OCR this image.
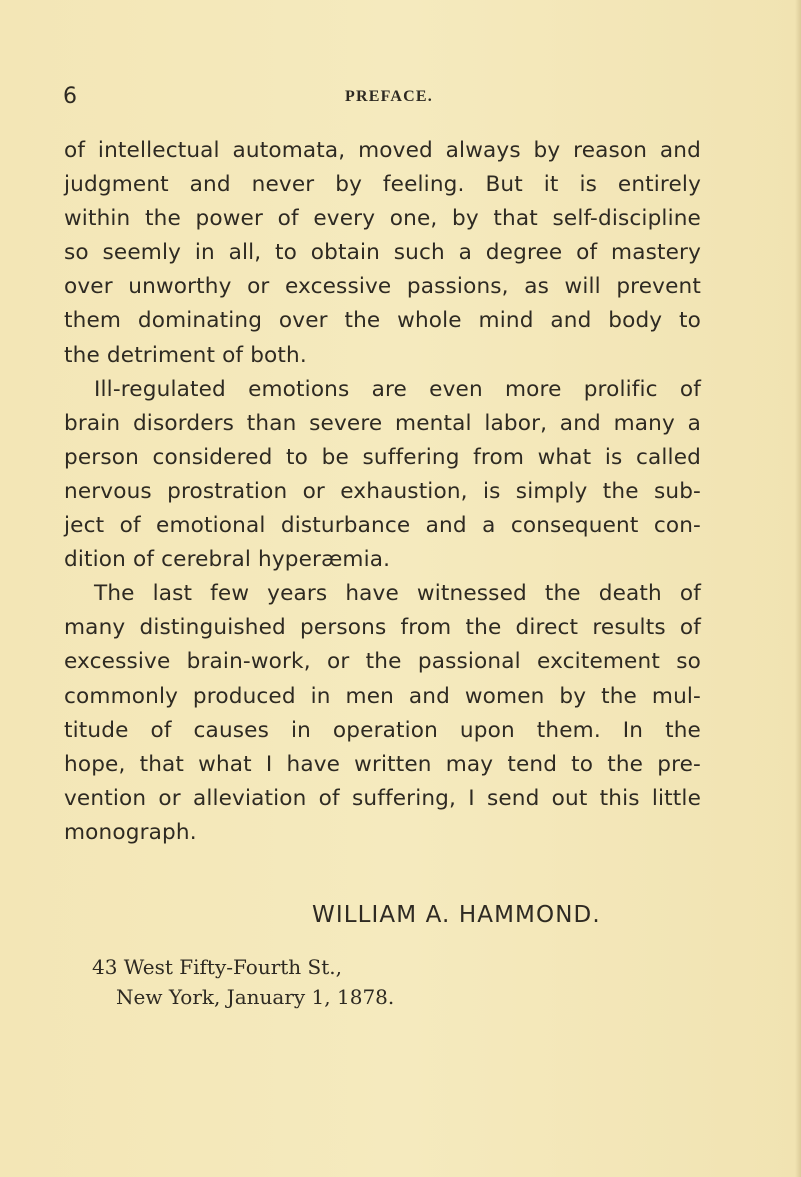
6	PREFACE.
of intellectual automata, moved always by reason and
judgment and never by feeling. But it is entirely
within the power of every one, by that self-discipline
so seemly in all, to obtain such a degree of mastery
over unworthy or excessive passions, as will prevent
them dominating over the whole mind and body to
the detriment of both.
Ill-regulated emotions are even more prolific of
brain disorders than severe mental labor, and many a
person considered to be suffering from what is called
nervous prostration or exhaustion, is simply the sub-
ject of emotional disturbance and a consequent con-
dition of cerebral hyperæmia.
The last few years have witnessed the death of
many distinguished persons from the direct results of
excessive brain-work, or the passional excitement so
commonly produced in men and women by the mul-
titude of causes in operation upon them. In the
hope, that what I have written may tend to the pre-
vention or alleviation of suffering, I send out this little
monograph.
WILLIAM A. HAMMOND.
43 West Fifty-Fourth St.,
New York, January 1, 1878.
